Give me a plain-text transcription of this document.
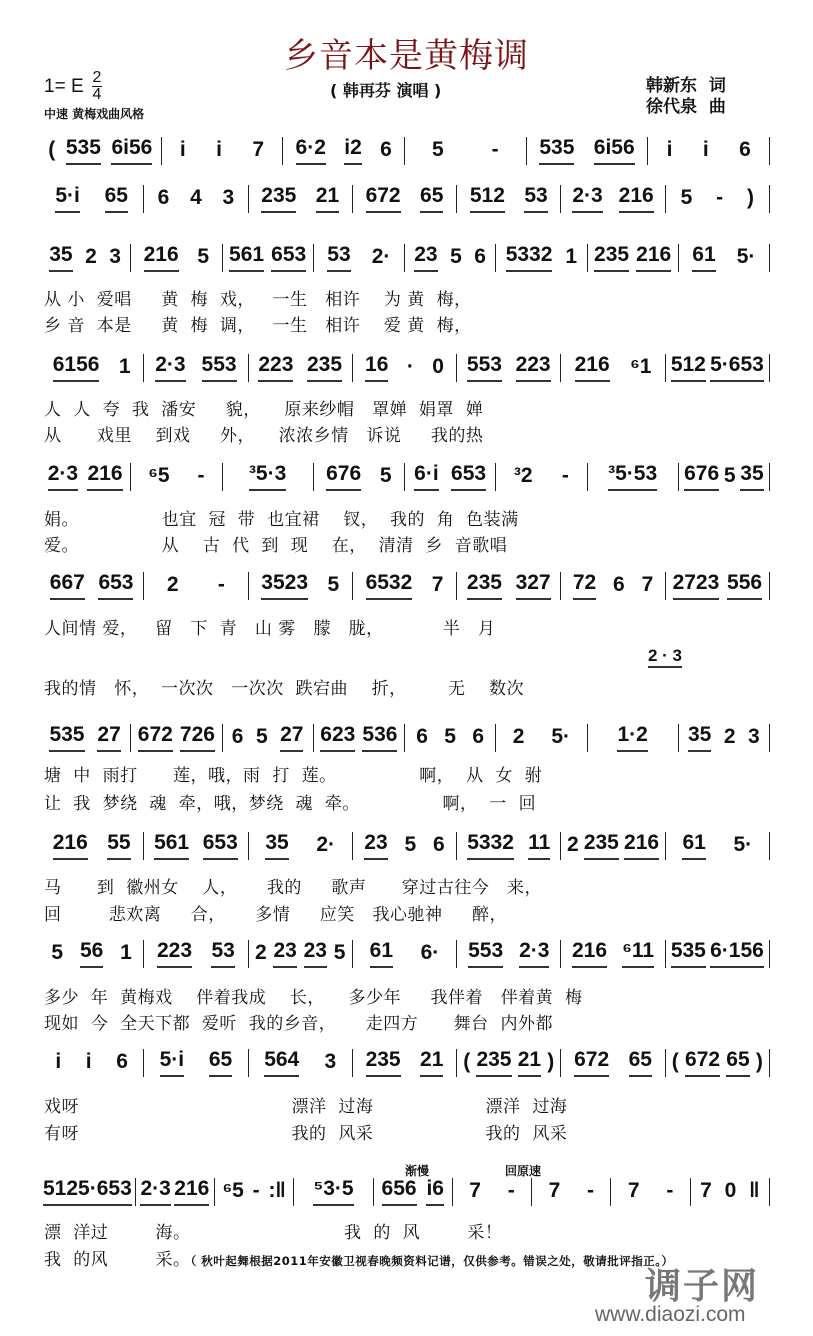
乡音本是黄梅调
1= E 2
4
中速 黄梅戏曲风格
( 韩再芬 演唱 )	韩新东  词
徐代泉  曲
( 535 6i56 i i 7 6·2 i2 6 5 - 535 6i56 i i 6
5·i 65 6 4 3 235 21 672 65 512 53 2·3 216 5 - )
35 2 3 216 5 561 653 53 2· 23 5 6 5332 1 235 216 61 5·
从 小  爱唱     黄  梅  戏，   一生   相许    为 黄  梅，
乡 音  本是     黄  梅  调，   一生   相许    爱 黄  梅，
6156 1 2·3 553 223 235 16 · 0 553 223 216 ⁶1 512 5·653
人  人  夸  我  潘安     貌，    原来纱帽   罩婵  娟罩  婵
从      戏里    到戏     外，    浓浓乡情   诉说     我的热
2·3 216 ⁶5 - ³5·3 676 5 6·i 653 ³2 - ³5·53 676 5 35
娟。              也宜  冠  带  也宜裙    钗，  我的  角  色装满
爱。              从    古  代  到  现    在，  清清  乡  音歌唱
667 653 2 - 3523 5 6532 7 235 327 72 6 7 2723 556
人间情 爱，   留   下  青   山 雾   朦   胧，          半   月
我的情   怀，  一次次   一次次  跌宕曲    折，       无    数次
2 · 3
535 27 672 726 6 5 27 623 536 6 5 6 2 5· 1·2 35 2 3
塘  中  雨打      莲，哦，雨  打  莲。              啊，  从  女  驸
让  我  梦绕  魂  牵，哦，梦绕  魂  牵。              啊，  一  回
216 55 561 653 35 2· 23 5 6 5332 11 2 235 216 61 5·
马      到  徽州女    人，     我的     歌声      穿过古往今   来，
回        悲欢离     合，     多情     应笑   我心驰神     醉，
5 56 1 223 53 2 23 23 5 61 6· 553 2·3 216 ⁶11 535 6·156
多少  年  黄梅戏    伴着我成    长，    多少年     我伴着   伴着黄  梅
现如  今  全天下都  爱听  我的乡音，     走四方      舞台  内外都
i i 6 5·i 65 564 3 235 21 ( 235 21 ) 672 65 ( 672 65 )
戏呀                                    漂洋  过海                   漂洋  过海
有呀                                    我的  风采                   我的  风采
512 5·653 2·3 216 ⁶5 - :‖ ⁵3·5 656 i6 7 - 7 - 7 - 7 0 ‖
漂  洋过        海。                          我  的  风        采！
我  的风        采。（ 秋叶起舞根据2011年安徽卫视春晚频资料记谱，仅供参考。错误之处，敬请批评指正。）
渐慢	回原速
调子网
www.diaozi.com
